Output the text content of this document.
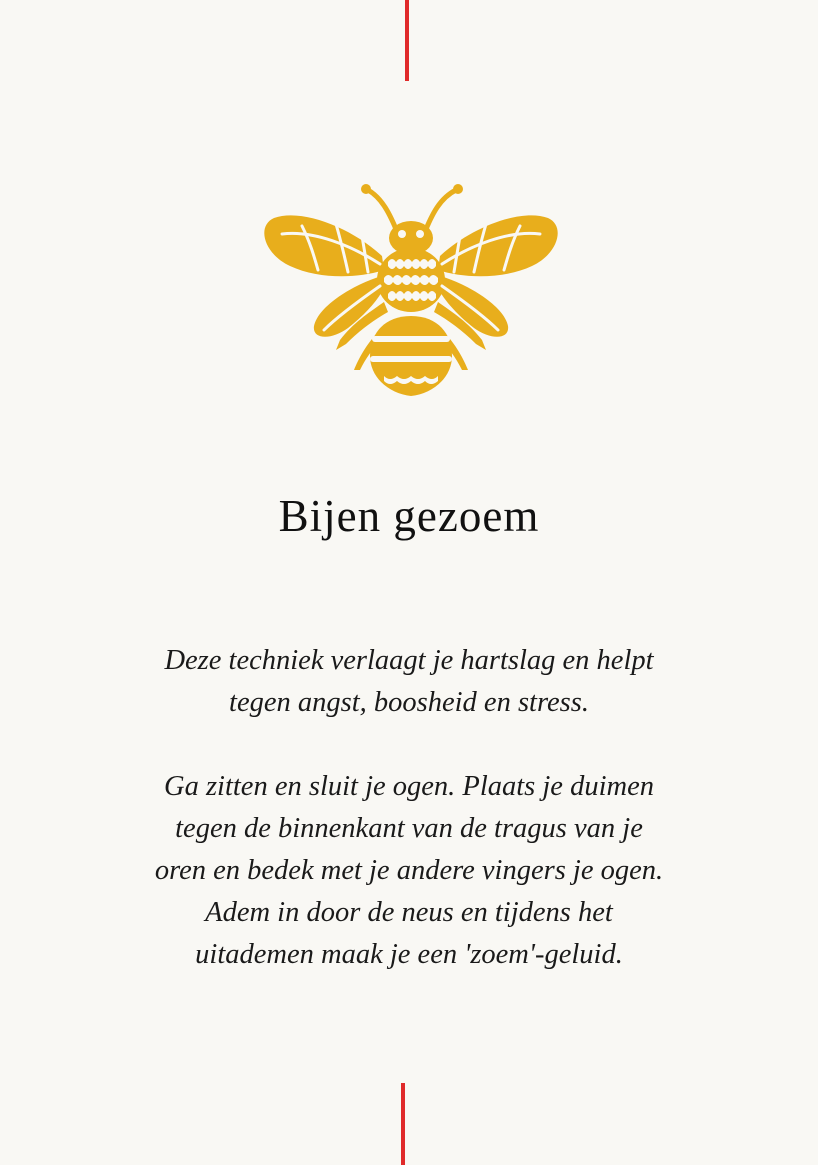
Bijen gezoem

Deze techniek verlaagt je hartslag en helpt
tegen angst, boosheid en stress.

Ga zitten en sluit je ogen. Plaats je duimen
tegen de binnenkant van de tragus van je
oren en bedek met je andere vingers je ogen.
Adem in door de neus en tijdens het
uitademen maak je een 'zoem'-geluid.
